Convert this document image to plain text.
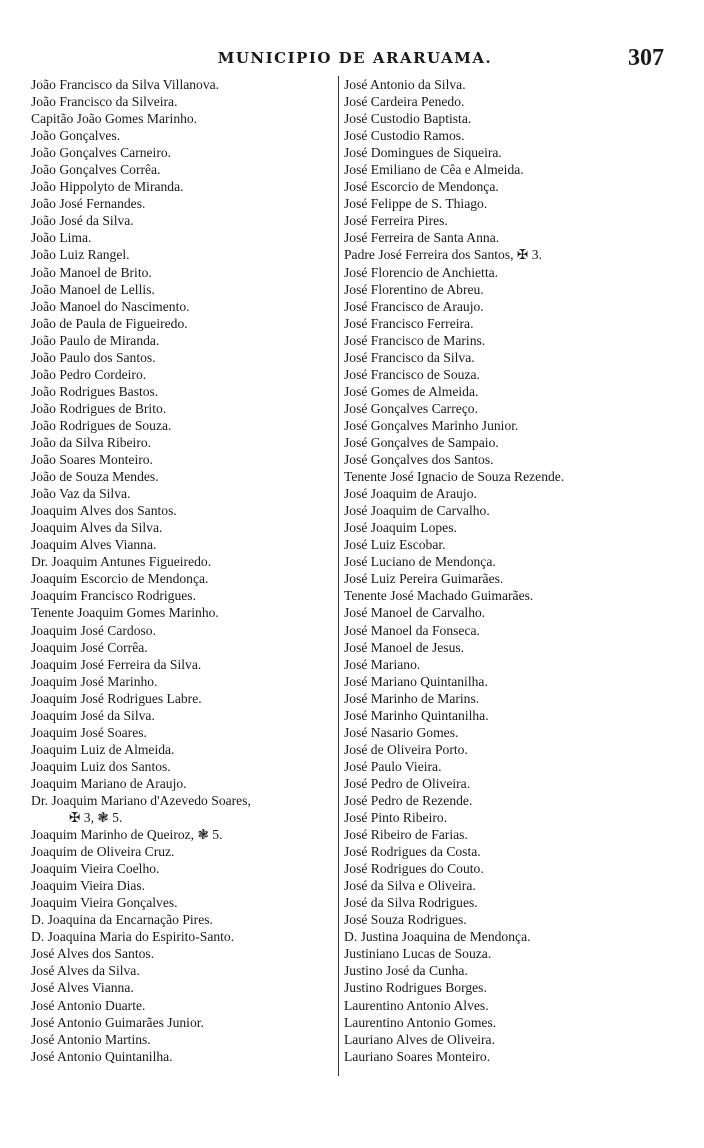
MUNICIPIO DE ARARUAMA.	307
João Francisco da Silva Villanova.
João Francisco da Silveira.
Capitão João Gomes Marinho.
João Gonçalves.
João Gonçalves Carneiro.
João Gonçalves Corrêa.
João Hippolyto de Miranda.
João José Fernandes.
João José da Silva.
João Lima.
João Luiz Rangel.
João Manoel de Brito.
João Manoel de Lellis.
João Manoel do Nascimento.
João de Paula de Figueiredo.
João Paulo de Miranda.
João Paulo dos Santos.
João Pedro Cordeiro.
João Rodrigues Bastos.
João Rodrigues de Brito.
João Rodrigues de Souza.
João da Silva Ribeiro.
João Soares Monteiro.
João de Souza Mendes.
João Vaz da Silva.
Joaquim Alves dos Santos.
Joaquim Alves da Silva.
Joaquim Alves Vianna.
Dr. Joaquim Antunes Figueiredo.
Joaquim Escorcio de Mendonça.
Joaquim Francisco Rodrigues.
Tenente Joaquim Gomes Marinho.
Joaquim José Cardoso.
Joaquim José Corrêa.
Joaquim José Ferreira da Silva.
Joaquim José Marinho.
Joaquim José Rodrigues Labre.
Joaquim José da Silva.
Joaquim José Soares.
Joaquim Luiz de Almeida.
Joaquim Luiz dos Santos.
Joaquim Mariano de Araujo.
Dr. Joaquim Mariano d'Azevedo Soares,
✠ 3, ❃ 5.
Joaquim Marinho de Queiroz, ❃ 5.
Joaquim de Oliveira Cruz.
Joaquim Vieira Coelho.
Joaquim Vieira Dias.
Joaquim Vieira Gonçalves.
D. Joaquina da Encarnação Pires.
D. Joaquina Maria do Espirito-Santo.
José Alves dos Santos.
José Alves da Silva.
José Alves Vianna.
José Antonio Duarte.
José Antonio Guimarães Junior.
José Antonio Martins.
José Antonio Quintanilha.
José Antonio da Silva.
José Cardeira Penedo.
José Custodio Baptista.
José Custodio Ramos.
José Domingues de Siqueira.
José Emiliano de Cêa e Almeida.
José Escorcio de Mendonça.
José Felippe de S. Thiago.
José Ferreira Pires.
José Ferreira de Santa Anna.
Padre José Ferreira dos Santos, ✠ 3.
José Florencio de Anchietta.
José Florentino de Abreu.
José Francisco de Araujo.
José Francisco Ferreira.
José Francisco de Marins.
José Francisco da Silva.
José Francisco de Souza.
José Gomes de Almeida.
José Gonçalves Carreço.
José Gonçalves Marinho Junior.
José Gonçalves de Sampaio.
José Gonçalves dos Santos.
Tenente José Ignacio de Souza Rezende.
José Joaquim de Araujo.
José Joaquim de Carvalho.
José Joaquim Lopes.
José Luiz Escobar.
José Luciano de Mendonça.
José Luiz Pereira Guimarães.
Tenente José Machado Guimarães.
José Manoel de Carvalho.
José Manoel da Fonseca.
José Manoel de Jesus.
José Mariano.
José Mariano Quintanilha.
José Marinho de Marins.
José Marinho Quintanilha.
José Nasario Gomes.
José de Oliveira Porto.
José Paulo Vieira.
José Pedro de Oliveira.
José Pedro de Rezende.
José Pinto Ribeiro.
José Ribeiro de Farias.
José Rodrigues da Costa.
José Rodrigues do Couto.
José da Silva e Oliveira.
José da Silva Rodrigues.
José Souza Rodrigues.
D. Justina Joaquina de Mendonça.
Justiniano Lucas de Souza.
Justino José da Cunha.
Justino Rodrigues Borges.
Laurentino Antonio Alves.
Laurentino Antonio Gomes.
Lauriano Alves de Oliveira.
Lauriano Soares Monteiro.
